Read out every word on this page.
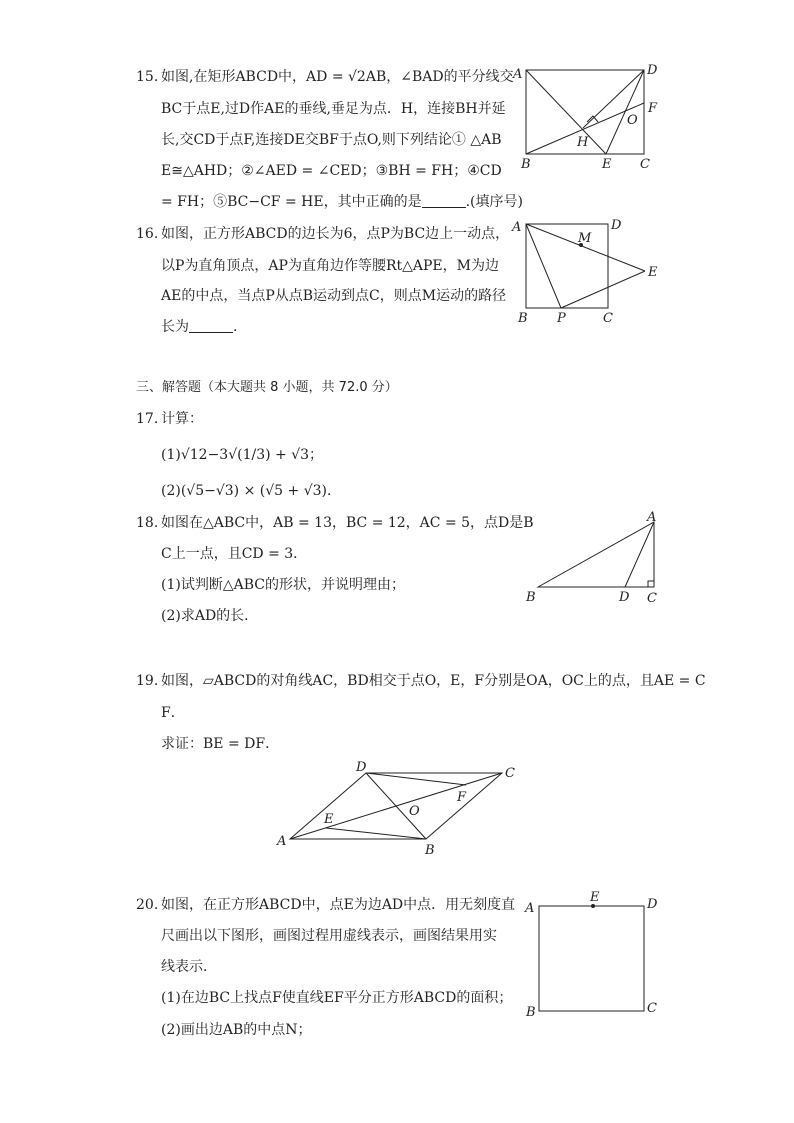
15. 如图,在矩形ABCD中，AD = √2AB，∠BAD的平分线交
BC于点E,过D作AE的垂线,垂足为点．H，连接BH并延
长,交CD于点F,连接DE交BF于点O,则下列结论① △AB
E≅△AHD；②∠AED = ∠CED；③BH = FH；④CD
= FH；⑤BC−CF = HE，其中正确的是	.(填序号)
A	D
F
O
H
B	E C
16. 如图，正方形ABCD的边长为6，点P为BC边上一动点，
以P为直角顶点，AP为直角边作等腰Rt△APE，M为边
AE的中点，当点P从点B运动到点C，则点M运动的路径
长为	.
A	D
M
E
B P	C
三、解答题（本大题共 8 小题，共 72.0 分）
17. 计算：
(1)√12−3√(1/3) + √3；
(2)(√5−√3) × (√5 + √3)．
18. 如图在△ABC中，AB = 13，BC = 12，AC = 5，点D是B
C上一点，且CD = 3．
(1)试判断△ABC的形状，并说明理由；
(2)求AD的长．
A
B	D C
19. 如图，▱ABCD的对角线AC，BD相交于点O，E，F分别是OA，OC上的点，且AE = C
F．
求证：BE = DF．
D	C
F
O
E
A
B
20. 如图，在正方形ABCD中，点E为边AD中点．用无刻度直
尺画出以下图形，画图过程用虚线表示，画图结果用实
线表示．
(1)在边BC上找点F使直线EF平分正方形ABCD的面积；
(2)画出边AB的中点N；
A
E	D
B	C
